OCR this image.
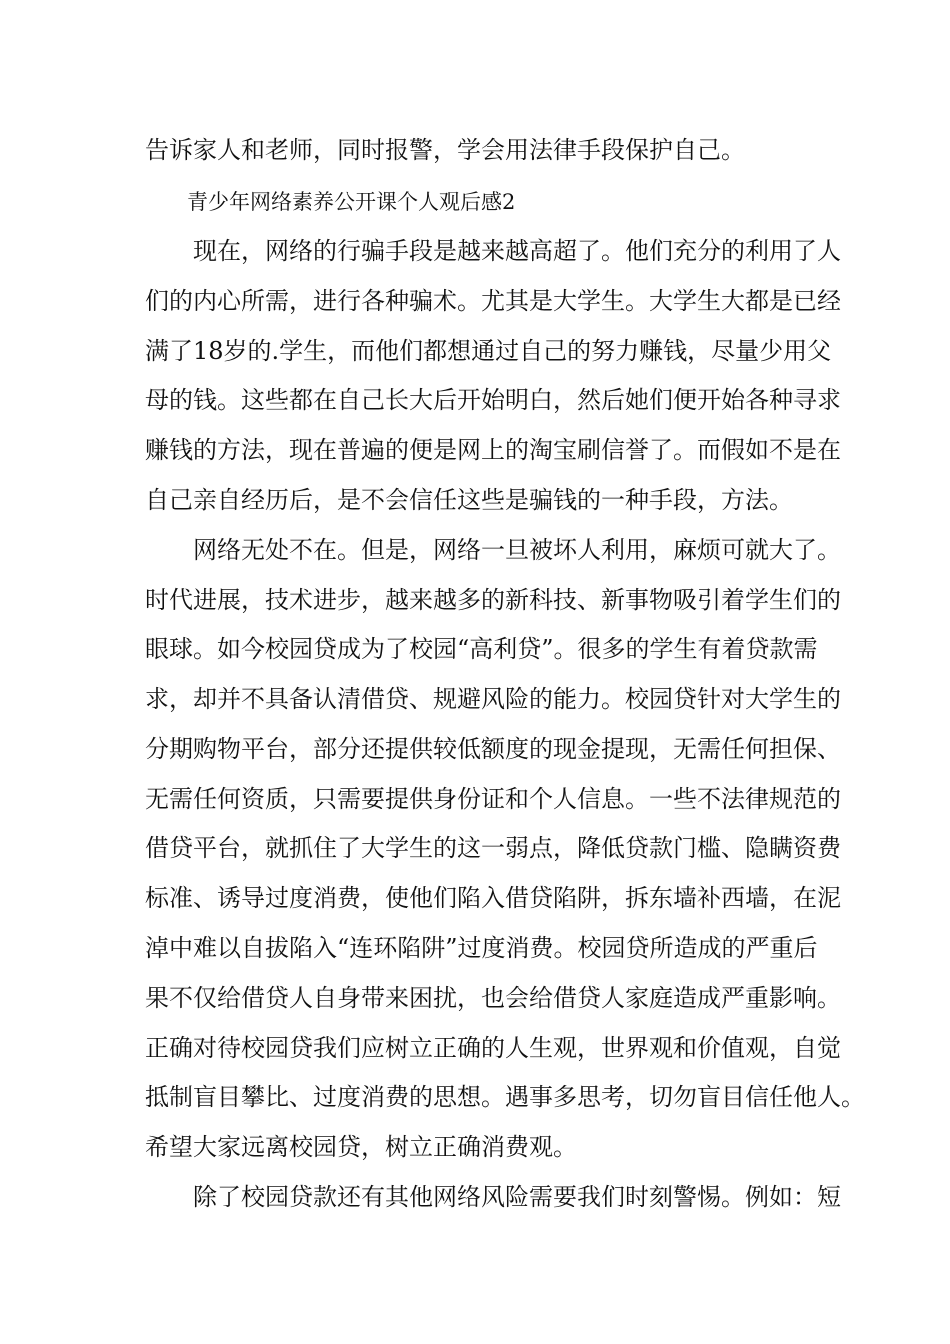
告诉家人和老师，同时报警，学会用法律手段保护自己。
　　青少年网络素养公开课个人观后感2
　　现在，网络的行骗手段是越来越高超了。他们充分的利用了人
们的内心所需，进行各种骗术。尤其是大学生。大学生大都是已经
满了18岁的.学生，而他们都想通过自己的努力赚钱，尽量少用父
母的钱。这些都在自己长大后开始明白，然后她们便开始各种寻求
赚钱的方法，现在普遍的便是网上的淘宝刷信誉了。而假如不是在
自己亲自经历后，是不会信任这些是骗钱的一种手段，方法。
　　网络无处不在。但是，网络一旦被坏人利用，麻烦可就大了。
时代进展，技术进步，越来越多的新科技、新事物吸引着学生们的
眼球。如今校园贷成为了校园“高利贷”。很多的学生有着贷款需
求，却并不具备认清借贷、规避风险的能力。校园贷针对大学生的
分期购物平台，部分还提供较低额度的现金提现，无需任何担保、
无需任何资质，只需要提供身份证和个人信息。一些不法律规范的
借贷平台，就抓住了大学生的这一弱点，降低贷款门槛、隐瞒资费
标准、诱导过度消费，使他们陷入借贷陷阱，拆东墙补西墙，在泥
淖中难以自拔陷入“连环陷阱”过度消费。校园贷所造成的严重后
果不仅给借贷人自身带来困扰，也会给借贷人家庭造成严重影响。
正确对待校园贷我们应树立正确的人生观，世界观和价值观，自觉
抵制盲目攀比、过度消费的思想。遇事多思考，切勿盲目信任他人。
希望大家远离校园贷，树立正确消费观。
　　除了校园贷款还有其他网络风险需要我们时刻警惕。例如：短
